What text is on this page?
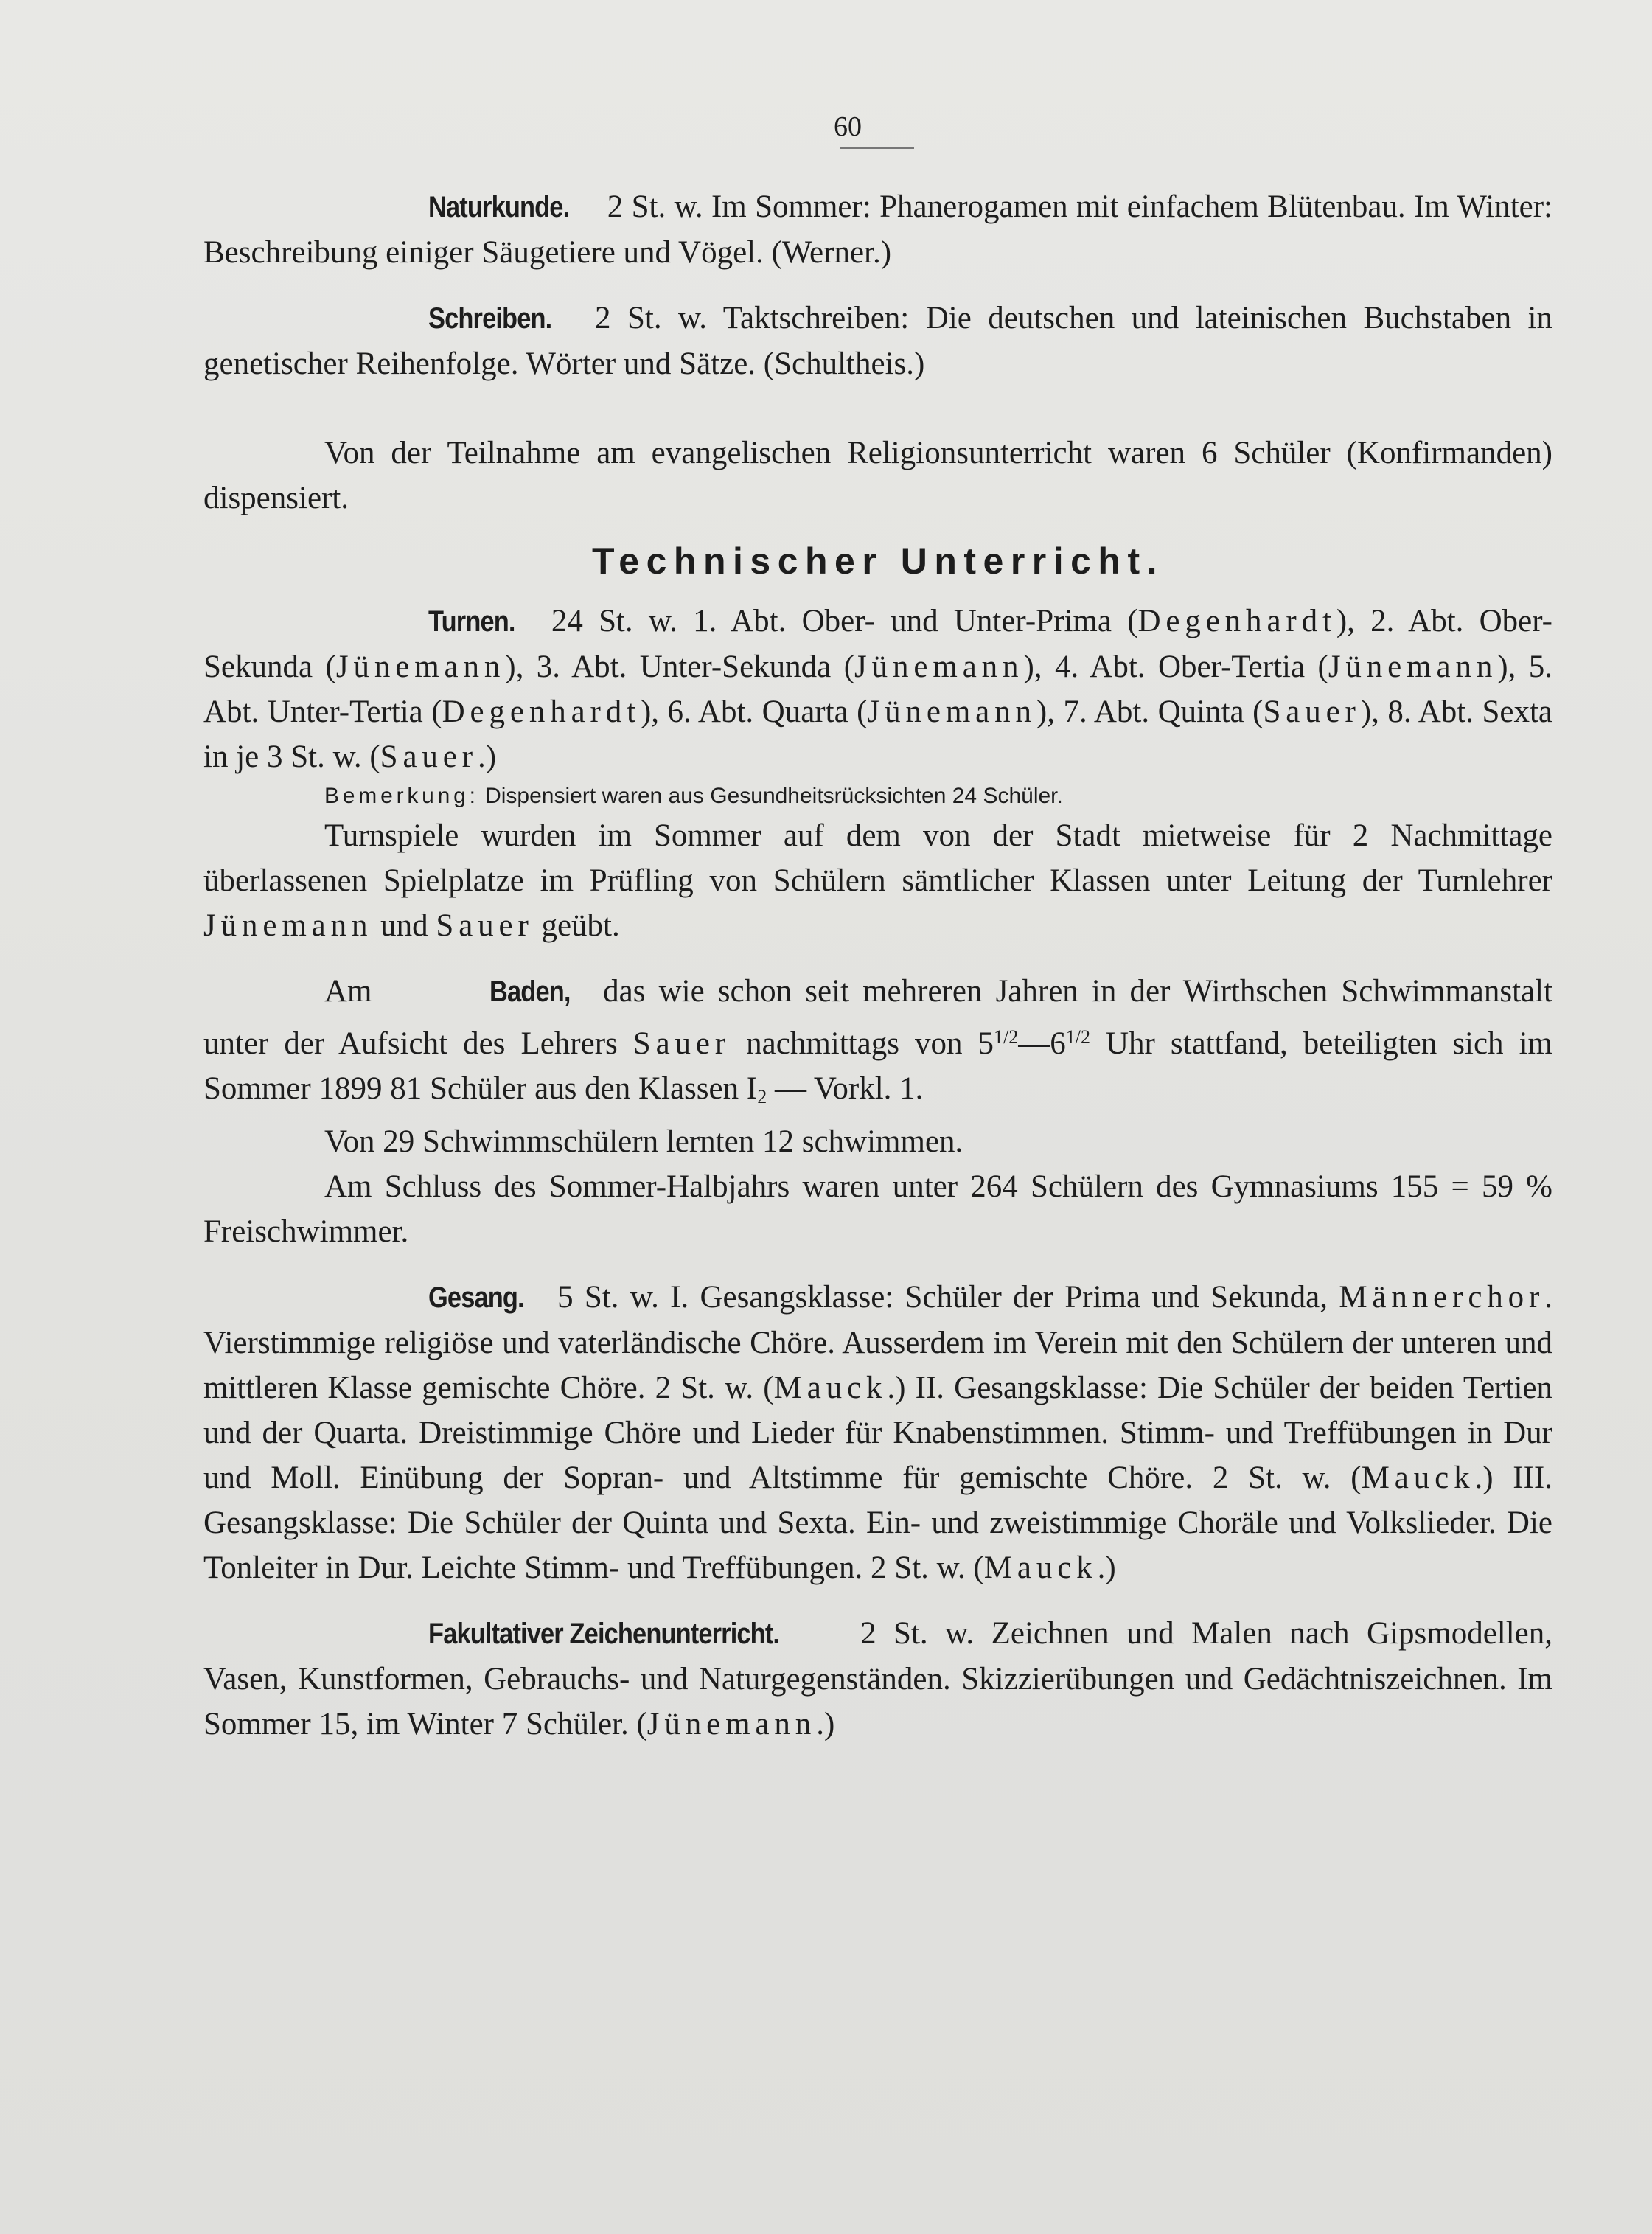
60

Naturkunde. 2 St. w. Im Sommer: Phanerogamen mit einfachem Blütenbau. Im Winter: Beschreibung einiger Säugetiere und Vögel. (Werner.)

Schreiben. 2 St. w. Taktschreiben: Die deutschen und lateinischen Buchstaben in genetischer Reihenfolge. Wörter und Sätze. (Schultheis.)

Von der Teilnahme am evangelischen Religionsunterricht waren 6 Schüler (Konfirmanden) dispensiert.

Technischer Unterricht.

Turnen. 24 St. w. 1. Abt. Ober- und Unter-Prima (Degenhardt), 2. Abt. Ober-Sekunda (Jünemann), 3. Abt. Unter-Sekunda (Jünemann), 4. Abt. Ober-Tertia (Jünemann), 5. Abt. Unter-Tertia (Degenhardt), 6. Abt. Quarta (Jünemann), 7. Abt. Quinta (Sauer), 8. Abt. Sexta in je 3 St. w. (Sauer.)

Bemerkung: Dispensiert waren aus Gesundheitsrücksichten 24 Schüler.

Turnspiele wurden im Sommer auf dem von der Stadt mietweise für 2 Nachmittage überlassenen Spielplatze im Prüfling von Schülern sämtlicher Klassen unter Leitung der Turnlehrer Jünemann und Sauer geübt.

Am	Baden, das wie schon seit mehreren Jahren in der Wirthschen Schwimmanstalt unter der Aufsicht des Lehrers Sauer nachmittags von $5^{1/2}—6^{1/2}$ Uhr stattfand, beteiligten sich im Sommer 1899 81 Schüler aus den Klassen $I_2$ — Vorkl. 1.

Von 29 Schwimmschülern lernten 12 schwimmen.

Am Schluss des Sommer-Halbjahrs waren unter 264 Schülern des Gymnasiums 155 = 59 % Freischwimmer.

Gesang. 5 St. w. I. Gesangsklasse: Schüler der Prima und Sekunda, Männerchor. Vierstimmige religiöse und vaterländische Chöre. Ausserdem im Verein mit den Schülern der unteren und mittleren Klasse gemischte Chöre. 2 St. w. (Mauck.) II. Gesangsklasse: Die Schüler der beiden Tertien und der Quarta. Dreistimmige Chöre und Lieder für Knabenstimmen. Stimm- und Treffübungen in Dur und Moll. Einübung der Sopran- und Altstimme für gemischte Chöre. 2 St. w. (Mauck.) III. Gesangsklasse: Die Schüler der Quinta und Sexta. Ein- und zweistimmige Choräle und Volkslieder. Die Tonleiter in Dur. Leichte Stimm- und Treffübungen. 2 St. w. (Mauck.)

Fakultativer Zeichenunterricht.	2 St. w. Zeichnen und Malen nach Gipsmodellen, Vasen, Kunstformen, Gebrauchs- und Naturgegenständen. Skizzierübungen und Gedächtniszeichnen. Im Sommer 15, im Winter 7 Schüler. (Jünemann.)
